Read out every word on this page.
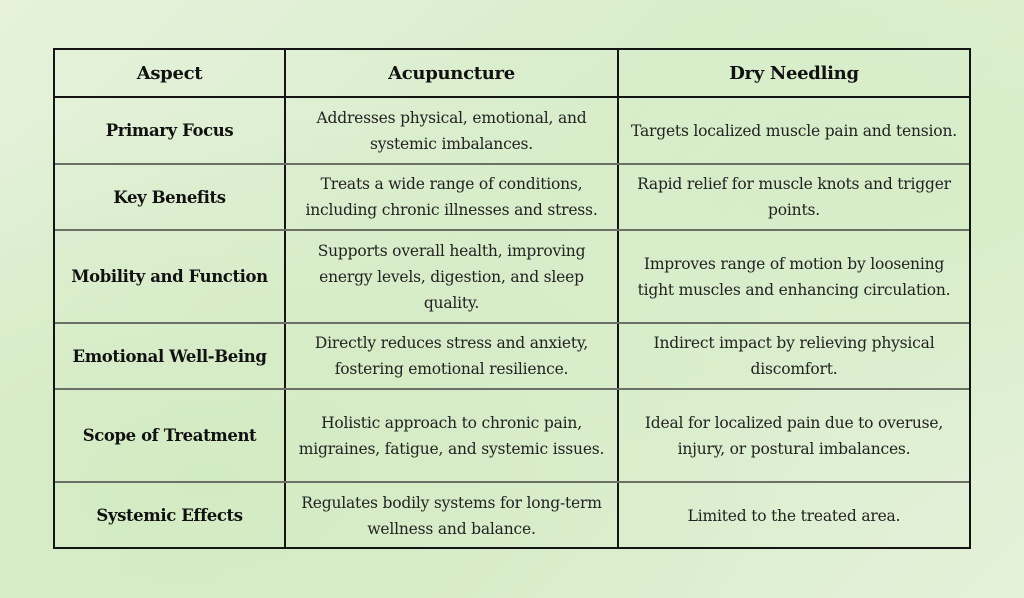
Aspect	Acupuncture	Dry Needling
Primary Focus	Addresses physical, emotional, and systemic imbalances.	Targets localized muscle pain and tension.
Key Benefits	Treats a wide range of conditions, including chronic illnesses and stress.	Rapid relief for muscle knots and trigger points.
Mobility and Function	Supports overall health, improving energy levels, digestion, and sleep quality.	Improves range of motion by loosening tight muscles and enhancing circulation.
Emotional Well-Being	Directly reduces stress and anxiety, fostering emotional resilience.	Indirect impact by relieving physical discomfort.
Scope of Treatment	Holistic approach to chronic pain, migraines, fatigue, and systemic issues.	Ideal for localized pain due to overuse, injury, or postural imbalances.
Systemic Effects	Regulates bodily systems for long-term wellness and balance.	Limited to the treated area.
